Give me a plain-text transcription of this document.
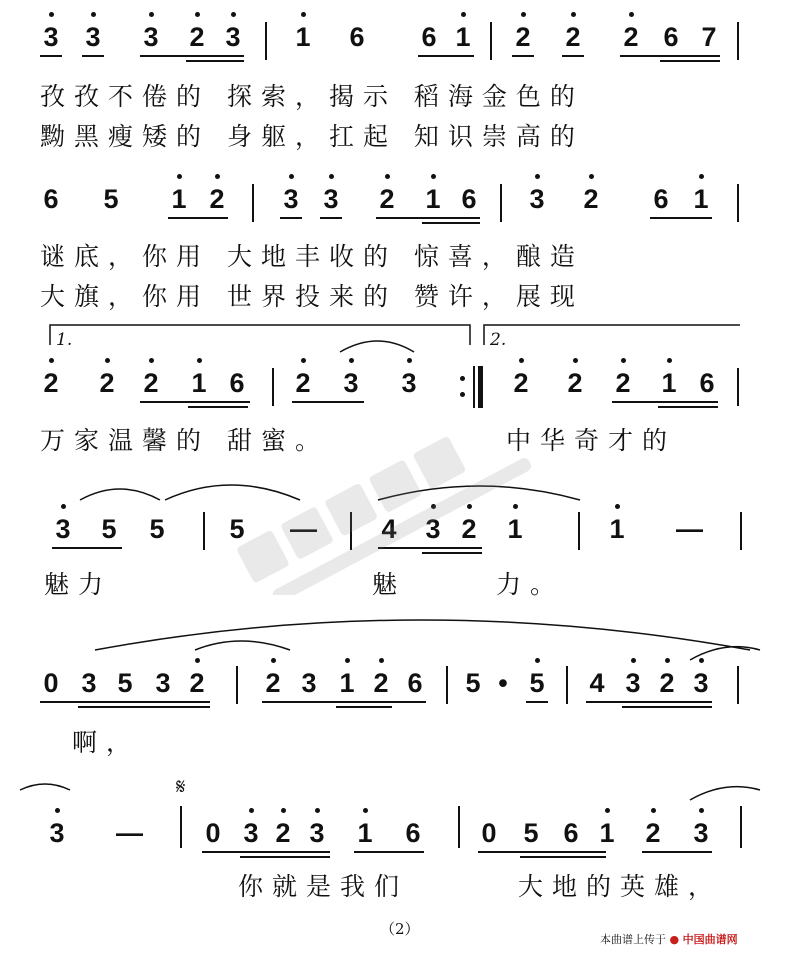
3 3 3 2 3 1 6 6 1 2 2 2 6 7
孜孜不倦的 探索，揭示 稻海金色的
黝黑瘦矮的 身躯，扛起 知识崇高的
6 5 1 2 3 3 2 1 6 3 2 6 1
谜底，你用 大地丰收的 惊喜，酿造
大旗，你用 世界投来的 赞许，展现
1.	2.
2 2 2 1 6 2 3 3	2 2 2 1 6
万家温馨的 甜蜜。	中华奇才的
3 5 5 5 — 4 3 2 1	1 —
魅力	魅	力。
0 3 5 3 2 2 3 1 2 6 5 • 5 4 3 2 3
啊，
𝄋
3 — 0 3 2 3 1 6 0 5 6 1 2 3
你就是我们	大地的英雄，
（2）
本曲谱上传于 ● 中国曲谱网
